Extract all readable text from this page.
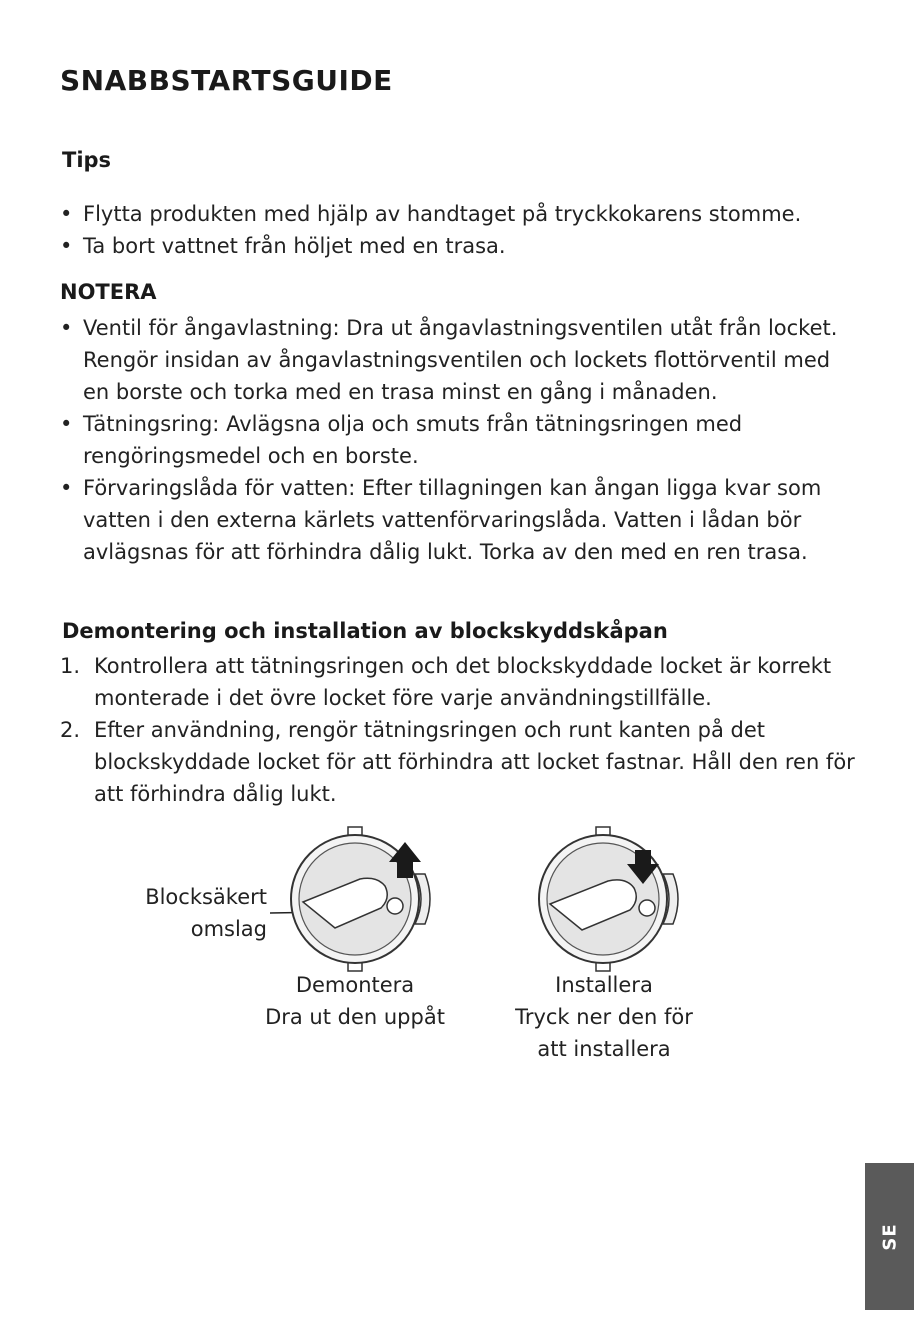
SNABBSTARTSGUIDE
Tips
• Flytta produkten med hjälp av handtaget på tryckkokarens stomme.
• Ta bort vattnet från höljet med en trasa.
NOTERA
• Ventil för ångavlastning: Dra ut ångavlastningsventilen utåt från locket. Rengör insidan av ångavlastningsventilen och lockets flottörventil med en borste och torka med en trasa minst en gång i månaden.
• Tätningsring: Avlägsna olja och smuts från tätningsringen med rengöringsmedel och en borste.
• Förvaringslåda för vatten: Efter tillagningen kan ångan ligga kvar som vatten i den externa kärlets vattenförvaringslåda. Vatten i lådan bör avlägsnas för att förhindra dålig lukt. Torka av den med en ren trasa.
Demontering och installation av blockskyddskåpan
1. Kontrollera att tätningsringen och det blockskyddade locket är korrekt monterade i det övre locket före varje användningstillfälle.
2. Efter användning, rengör tätningsringen och runt kanten på det blockskyddade locket för att förhindra att locket fastnar. Håll den ren för att förhindra dålig lukt.
Blocksäkert
omslag
Demontera
Dra ut den uppåt
Installera
Tryck ner den för
att installera
SE
